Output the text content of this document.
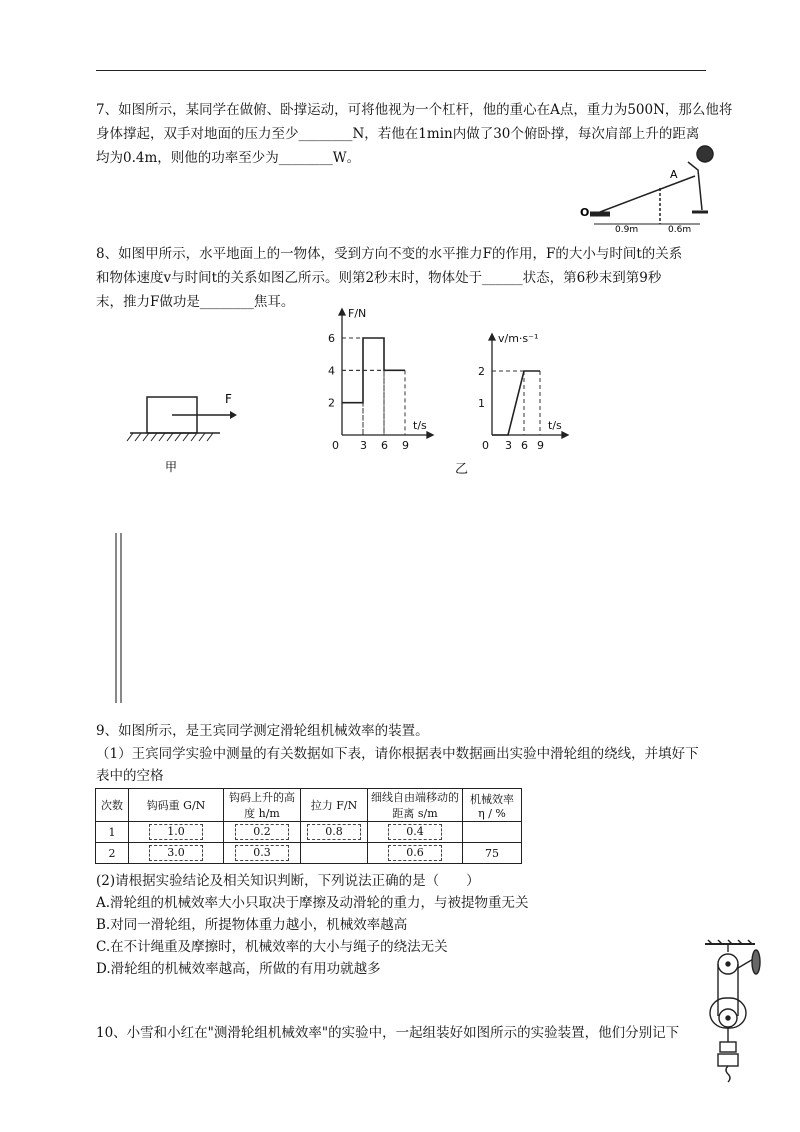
7、如图所示，某同学在做俯、卧撑运动，可将他视为一个杠杆，他的重心在A点，重力为500N，那么他将
身体撑起，双手对地面的压力至少________N，若他在1min内做了30个俯卧撑，每次肩部上升的距离
均为0.4m，则他的功率至少为________W。
A
O
0.9m	0.6m
8、如图甲所示，水平地面上的一物体，受到方向不变的水平推力F的作用，F的大小与时间t的关系
和物体速度v与时间t的关系如图乙所示。则第2秒末时，物体处于______状态，第6秒末到第9秒
末，推力F做功是________焦耳。
F
甲
0 3 6 9
2
4
6
F/N
t/s
0 3 6 9
1
2
v/m·s⁻¹
t/s
乙
9、如图所示，是王宾同学测定滑轮组机械效率的装置。
（1）王宾同学实验中测量的有关数据如下表，请你根据表中数据画出实验中滑轮组的绕线，并填好下
表中的空格
次数	钩码重 G/N	钩码上升的高度 h/m	拉力 F/N	细线自由端移动的距离 s/m	机械效率 η / %
1	1.0	0.2	0.8	0.4	
2	3.0	0.3		0.6	75
(2)请根据实验结论及相关知识判断，下列说法正确的是（　　）
A.滑轮组的机械效率大小只取决于摩擦及动滑轮的重力，与被提物重无关
B.对同一滑轮组，所提物体重力越小，机械效率越高
C.在不计绳重及摩擦时，机械效率的大小与绳子的绕法无关
D.滑轮组的机械效率越高，所做的有用功就越多
10、小雪和小红在"测滑轮组机械效率"的实验中，一起组装好如图所示的实验装置，他们分别记下
